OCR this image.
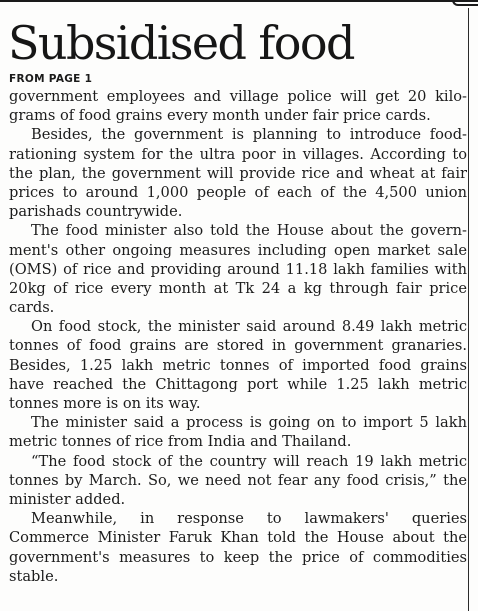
Subsidised food
FROM PAGE 1
government employees and village police will get 20 kilo-
grams of food grains every month under fair price cards.
Besides, the government is planning to introduce food-
rationing system for the ultra poor in villages. According to
the plan, the government will provide rice and wheat at fair
prices to around 1,000 people of each of the 4,500 union
parishads countrywide.
The food minister also told the House about the govern-
ment's other ongoing measures including open market sale
(OMS) of rice and providing around 11.18 lakh families with
20kg of rice every month at Tk 24 a kg through fair price
cards.
On food stock, the minister said around 8.49 lakh metric
tonnes of food grains are stored in government granaries.
Besides, 1.25 lakh metric tonnes of imported food grains
have reached the Chittagong port while 1.25 lakh metric
tonnes more is on its way.
The minister said a process is going on to import 5 lakh
metric tonnes of rice from India and Thailand.
“The food stock of the country will reach 19 lakh metric
tonnes by March. So, we need not fear any food crisis,” the
minister added.
Meanwhile, in response to lawmakers' queries
Commerce Minister Faruk Khan told the House about the
government's measures to keep the price of commodities
stable.
